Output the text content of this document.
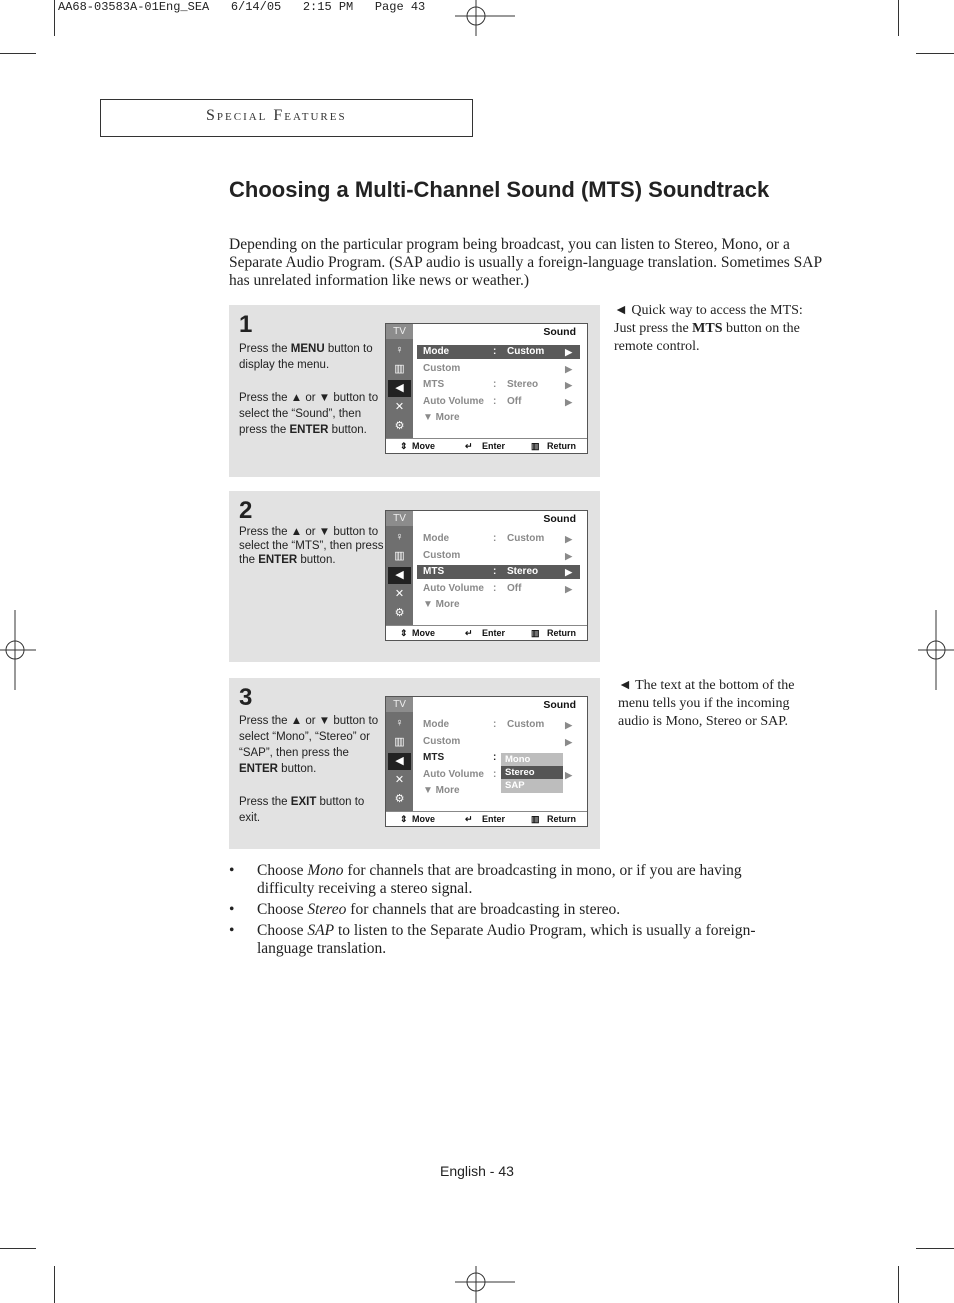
AA68-03583A-01Eng_SEA   6/14/05   2:15 PM   Page 43
Special Features
Choosing a Multi-Channel Sound (MTS) Soundtrack
Depending on the particular program being broadcast, you can listen to Stereo, Mono, or a Separate Audio Program. (SAP audio is usually a foreign-language translation. Sometimes SAP has unrelated information like news or weather.)
1
Press the MENU button to display the menu.
Press the ▲ or ▼ button to select the “Sound”, then press the ENTER button.
TV
♀
▥
◀
✕
⚙
Sound
Mode	: Custom ▶
Custom	▶
MTS	: Stereo	▶
Auto Volume : Off	▶
▼ More
⇕ Move	↵ Enter	▥ Return
2
Press the ▲ or ▼ button to select the “MTS”, then press the ENTER button.
TV
♀
▥
◀
✕
⚙
Sound
Mode	: Custom ▶
Custom	▶
MTS	: Stereo	▶
Auto Volume : Off	▶
▼ More
⇕ Move	↵ Enter	▥ Return
3
Press the ▲ or ▼ button to select “Mono”, “Stereo” or “SAP”, then press the ENTER button.
Press the EXIT button to exit.
TV
♀
▥
◀
✕
⚙
Sound
Mode	: Custom ▶
Custom	▶
MTS	:
Auto Volume :	▶
▼ More
Mono
Stereo
SAP
⇕ Move	↵ Enter	▥ Return
◄ Quick way to access the MTS: Just press the MTS button on the remote control.
◄ The text at the bottom of the menu tells you if the incoming audio is Mono, Stereo or SAP.
• Choose Mono for channels that are broadcasting in mono, or if you are having difficulty receiving a stereo signal.
• Choose Stereo for channels that are broadcasting in stereo.
• Choose SAP to listen to the Separate Audio Program, which is usually a foreign-language translation.
English - 43
